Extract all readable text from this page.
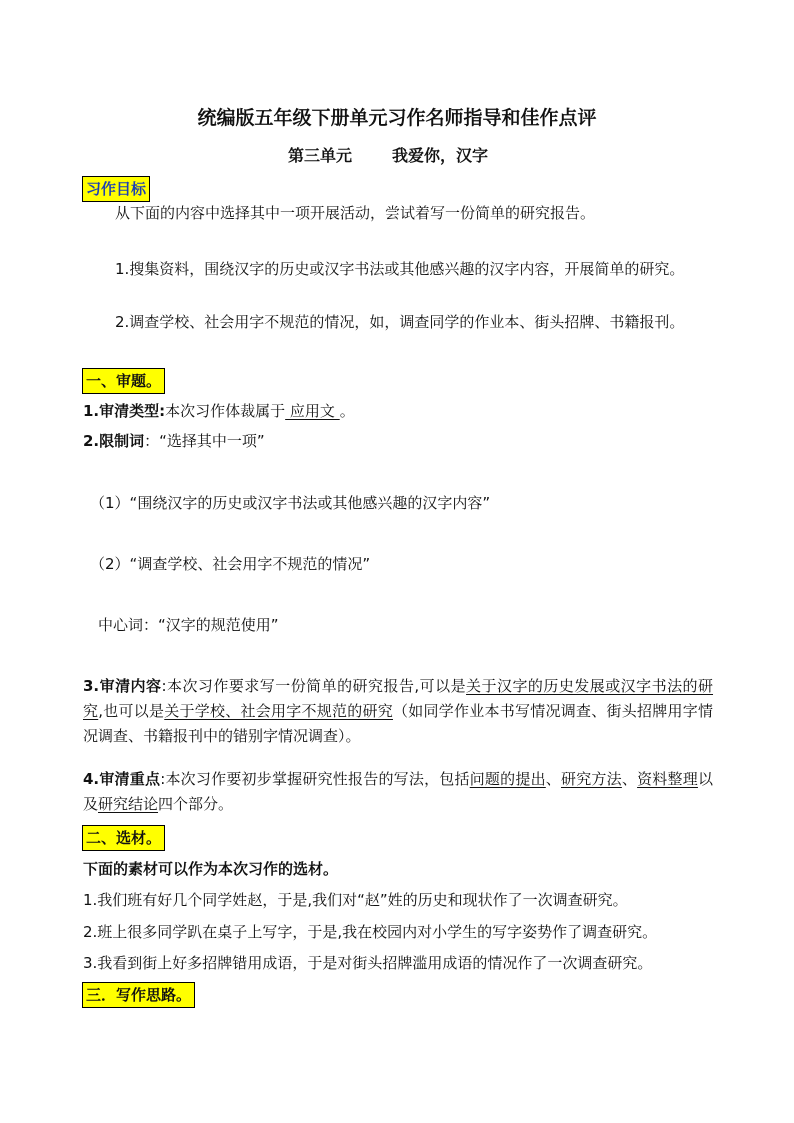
统编版五年级下册单元习作名师指导和佳作点评
第三单元	我爱你，汉字
习作目标
从下面的内容中选择其中一项开展活动，尝试着写一份简单的研究报告。
1.搜集资料，围绕汉字的历史或汉字书法或其他感兴趣的汉字内容，开展简单的研究。
2.调查学校、社会用字不规范的情况，如，调查同学的作业本、街头招牌、书籍报刊。
一、审题。
1.审清类型:本次习作体裁属于 应用文 。
2.限制词：“选择其中一项”
（1）“围绕汉字的历史或汉字书法或其他感兴趣的汉字内容”
（2）“调查学校、社会用字不规范的情况”
中心词：“汉字的规范使用”
3.审清内容:本次习作要求写一份简单的研究报告,可以是关于汉字的历史发展或汉字书法的研究,也可以是关于学校、社会用字不规范的研究（如同学作业本书写情况调查、街头招牌用字情况调查、书籍报刊中的错别字情况调查）。
4.审清重点:本次习作要初步掌握研究性报告的写法，包括问题的提出、研究方法、资料整理以及研究结论四个部分。
二、选材。
下面的素材可以作为本次习作的选材。
1.我们班有好几个同学姓赵，于是,我们对“赵”姓的历史和现状作了一次调查研究。
2.班上很多同学趴在桌子上写字，于是,我在校园内对小学生的写字姿势作了调查研究。
3.我看到街上好多招牌错用成语，于是对街头招牌滥用成语的情况作了一次调查研究。
三．写作思路。
